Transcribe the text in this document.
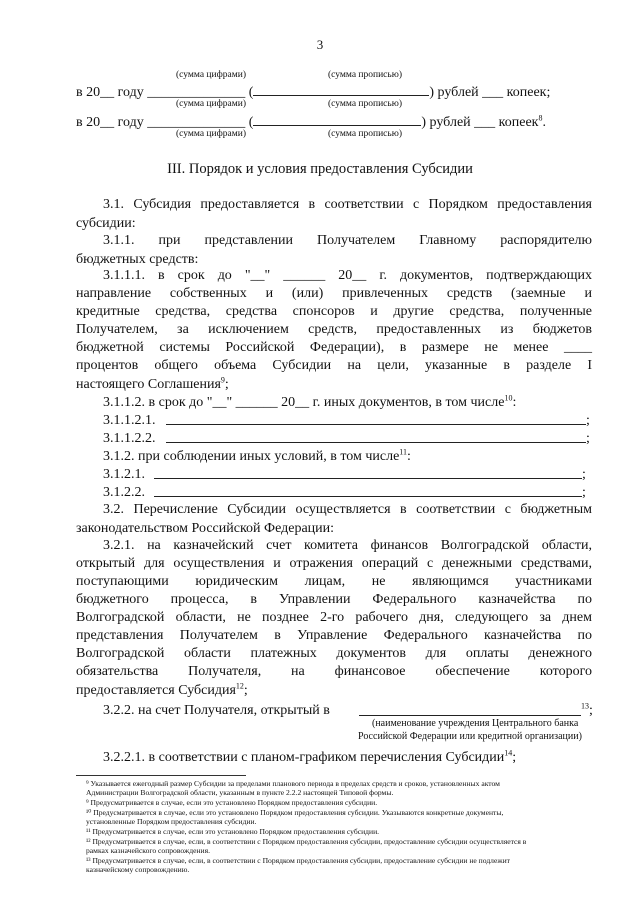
3
(сумма цифрами)	(сумма прописью)
в 20__ году ______________ (	) рублей ___ копеек;
(сумма цифрами)	(сумма прописью)
в 20__ году ______________ (	) рублей ___ копеек$^8$.
(сумма цифрами)	(сумма прописью)
III. Порядок и условия предоставления Субсидии
3.1. Субсидия предоставляется в соответствии с Порядком предоставления
субсидии:
3.1.1. при представлении Получателем Главному распорядителю
бюджетных средств:
3.1.1.1. в срок до "__" ______ 20__ г. документов, подтверждающих
направление собственных и (или) привлеченных средств (заемные и
кредитные средства, средства спонсоров и другие средства, полученные
Получателем, за исключением средств, предоставленных из бюджетов
бюджетной системы Российской Федерации), в размере не менее ____
процентов общего объема Субсидии на цели, указанные в разделе I
настоящего Соглашения$^9$;
3.1.1.2. в срок до "__" ______ 20__ г. иных документов, в том числе$^{10}$:
3.1.1.2.1.	;
3.1.1.2.2.	;
3.1.2. при соблюдении иных условий, в том числе$^{11}$:
3.1.2.1.	;
3.1.2.2.	;
3.2. Перечисление Субсидии осуществляется в соответствии с бюджетным
законодательством Российской Федерации:
3.2.1. на казначейский счет комитета финансов Волгоградской области,
открытый для осуществления и отражения операций с денежными средствами,
поступающими юридическим лицам, не являющимся участниками
бюджетного процесса, в Управлении Федерального казначейства по
Волгоградской области, не позднее 2-го рабочего дня, следующего за днем
представления Получателем в Управление Федерального казначейства по
Волгоградской области платежных документов для оплаты денежного
обязательства Получателя, на финансовое обеспечение которого
предоставляется Субсидия$^{12}$;
3.2.2. на счет Получателя, открытый в	$^{13}$;
(наименование учреждения Центрального банка
Российской Федерации или кредитной организации)
3.2.2.1. в соответствии с планом-графиком перечисления Субсидии$^{14}$;
⁹ Указывается ежегодный размер Субсидии за пределами планового периода в пределах средств и сроков, установленных актом
Администрации Волгоградской области, указанным в пункте 2.2.2 настоящей Типовой формы.
⁹ Предусматривается в случае, если это установлено Порядком предоставления субсидии.
¹⁰ Предусматривается в случае, если это установлено Порядком предоставления субсидии. Указываются конкретные документы,
установленные Порядком предоставления субсидии.
¹¹ Предусматривается в случае, если это установлено Порядком предоставления субсидии.
¹² Предусматривается в случае, если, в соответствии с Порядком предоставления субсидии, предоставление субсидии осуществляется в
рамках казначейского сопровождения.
¹³ Предусматривается в случае, если, в соответствии с Порядком предоставления субсидии, предоставление субсидии не подлежит
казначейскому сопровождению.
